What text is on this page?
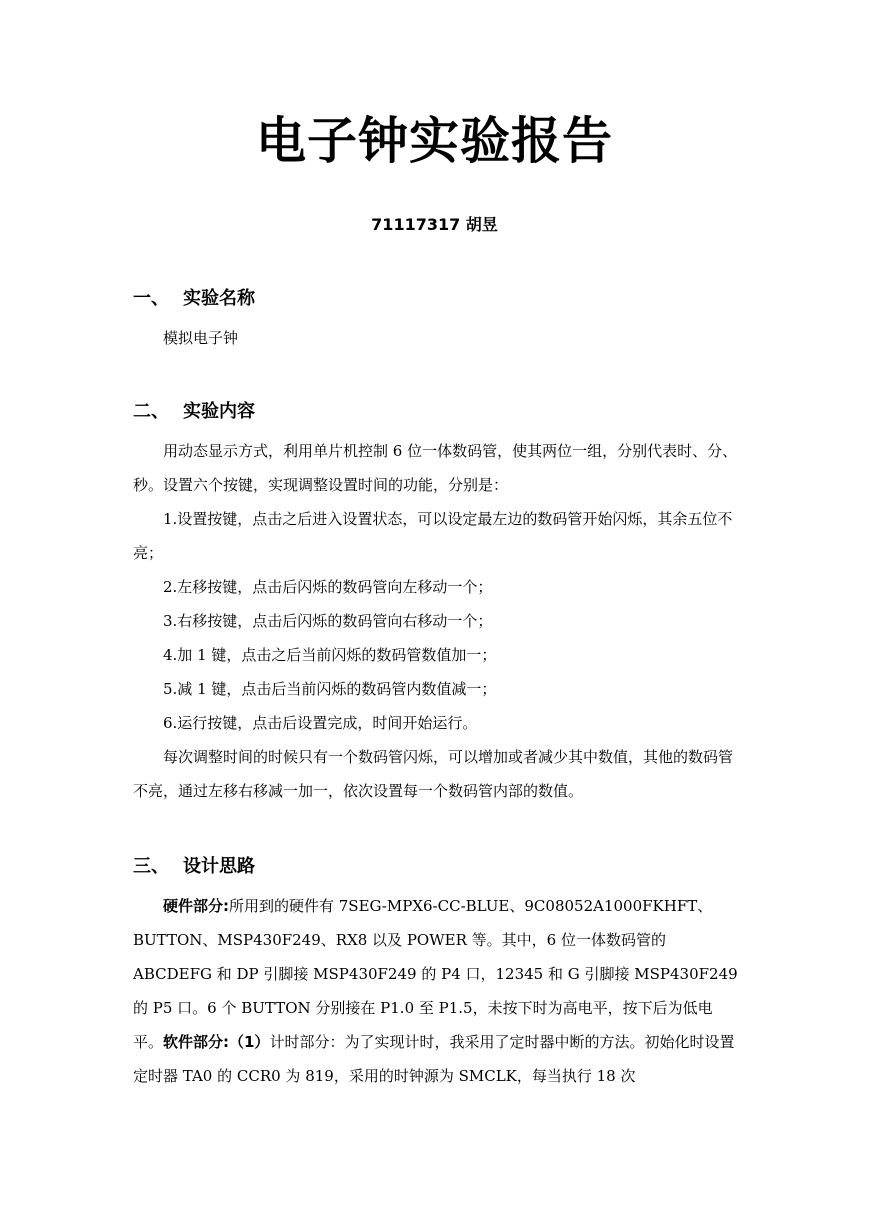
电子钟实验报告
71117317 胡昱
一、 实验名称

模拟电子钟

二、 实验内容

用动态显示方式，利用单片机控制 6 位一体数码管，使其两位一组，分别代表时、分、秒。设置六个按键，实现调整设置时间的功能，分别是：

1.设置按键，点击之后进入设置状态，可以设定最左边的数码管开始闪烁，其余五位不亮；

2.左移按键，点击后闪烁的数码管向左移动一个；

3.右移按键，点击后闪烁的数码管向右移动一个；

4.加 1 键，点击之后当前闪烁的数码管数值加一；

5.减 1 键，点击后当前闪烁的数码管内数值减一；

6.运行按键，点击后设置完成，时间开始运行。

每次调整时间的时候只有一个数码管闪烁，可以增加或者减少其中数值，其他的数码管不亮，通过左移右移减一加一，依次设置每一个数码管内部的数值。

三、 设计思路

硬件部分:所用到的硬件有 7SEG-MPX6-CC-BLUE、9C08052A1000FKHFT、BUTTON、MSP430F249、RX8 以及 POWER 等。其中，6 位一体数码管的 ABCDEFG 和 DP 引脚接 MSP430F249 的 P4 口，12345 和 G 引脚接 MSP430F249 的 P5 口。6 个 BUTTON 分别接在 P1.0 至 P1.5，未按下时为高电平，按下后为低电平。 软件部分:（1）计时部分：为了实现计时，我采用了定时器中断的方法。初始化时设置定时器 TA0 的 CCR0 为 819，采用的时钟源为 SMCLK，每当执行 18 次
